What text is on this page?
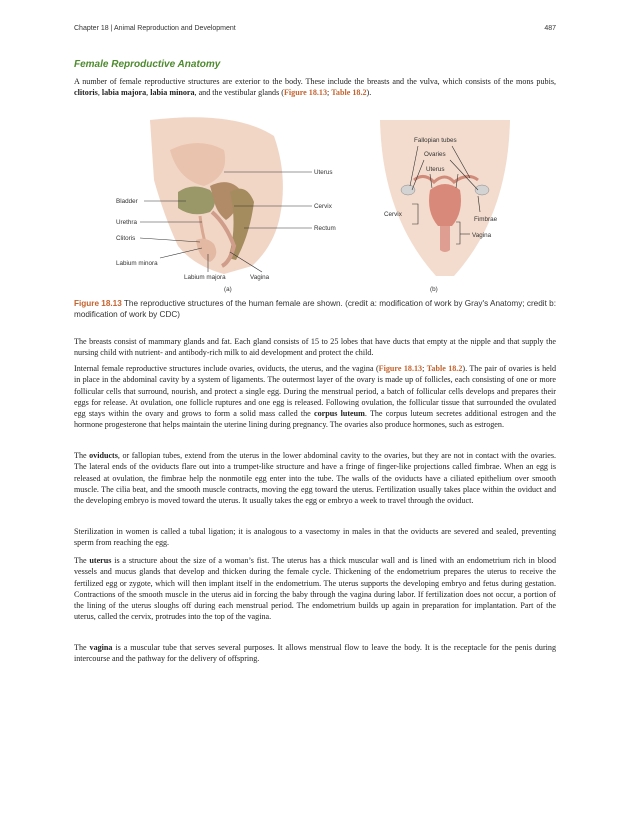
Chapter 18 | Animal Reproduction and Development	487
Female Reproductive Anatomy

A number of female reproductive structures are exterior to the body. These include the breasts and the vulva, which consists of the mons pubis, clitoris, labia majora, labia minora, and the vestibular glands (Figure 18.13; Table 18.2).

Uterus
Bladder
Cervix
Urethra
Rectum
Clitoris
Labium minora
Labium majora	Vagina
(a)
Fallopian tubes
Ovaries
Uterus
Cervix
Fimbrae
Vagina
(b)

Figure 18.13 The reproductive structures of the human female are shown. (credit a: modification of work by Gray's Anatomy; credit b: modification of work by CDC)

The breasts consist of mammary glands and fat. Each gland consists of 15 to 25 lobes that have ducts that empty at the nipple and that supply the nursing child with nutrient- and antibody-rich milk to aid development and protect the child.

Internal female reproductive structures include ovaries, oviducts, the uterus, and the vagina (Figure 18.13; Table 18.2). The pair of ovaries is held in place in the abdominal cavity by a system of ligaments. The outermost layer of the ovary is made up of follicles, each consisting of one or more follicular cells that surround, nourish, and protect a single egg. During the menstrual period, a batch of follicular cells develops and prepares their eggs for release. At ovulation, one follicle ruptures and one egg is released. Following ovulation, the follicular tissue that surrounded the ovulated egg stays within the ovary and grows to form a solid mass called the corpus luteum. The corpus luteum secretes additional estrogen and the hormone progesterone that helps maintain the uterine lining during pregnancy. The ovaries also produce hormones, such as estrogen.

The oviducts, or fallopian tubes, extend from the uterus in the lower abdominal cavity to the ovaries, but they are not in contact with the ovaries. The lateral ends of the oviducts flare out into a trumpet-like structure and have a fringe of finger-like projections called fimbrae. When an egg is released at ovulation, the fimbrae help the nonmotile egg enter into the tube. The walls of the oviducts have a ciliated epithelium over smooth muscle. The cilia beat, and the smooth muscle contracts, moving the egg toward the uterus. Fertilization usually takes place within the oviduct and the developing embryo is moved toward the uterus. It usually takes the egg or embryo a week to travel through the oviduct.

Sterilization in women is called a tubal ligation; it is analogous to a vasectomy in males in that the oviducts are severed and sealed, preventing sperm from reaching the egg.

The uterus is a structure about the size of a woman’s fist. The uterus has a thick muscular wall and is lined with an endometrium rich in blood vessels and mucus glands that develop and thicken during the female cycle. Thickening of the endometrium prepares the uterus to receive the fertilized egg or zygote, which will then implant itself in the endometrium. The uterus supports the developing embryo and fetus during gestation. Contractions of the smooth muscle in the uterus aid in forcing the baby through the vagina during labor. If fertilization does not occur, a portion of the lining of the uterus sloughs off during each menstrual period. The endometrium builds up again in preparation for implantation. Part of the uterus, called the cervix, protrudes into the top of the vagina.

The vagina is a muscular tube that serves several purposes. It allows menstrual flow to leave the body. It is the receptacle for the penis during intercourse and the pathway for the delivery of offspring.
